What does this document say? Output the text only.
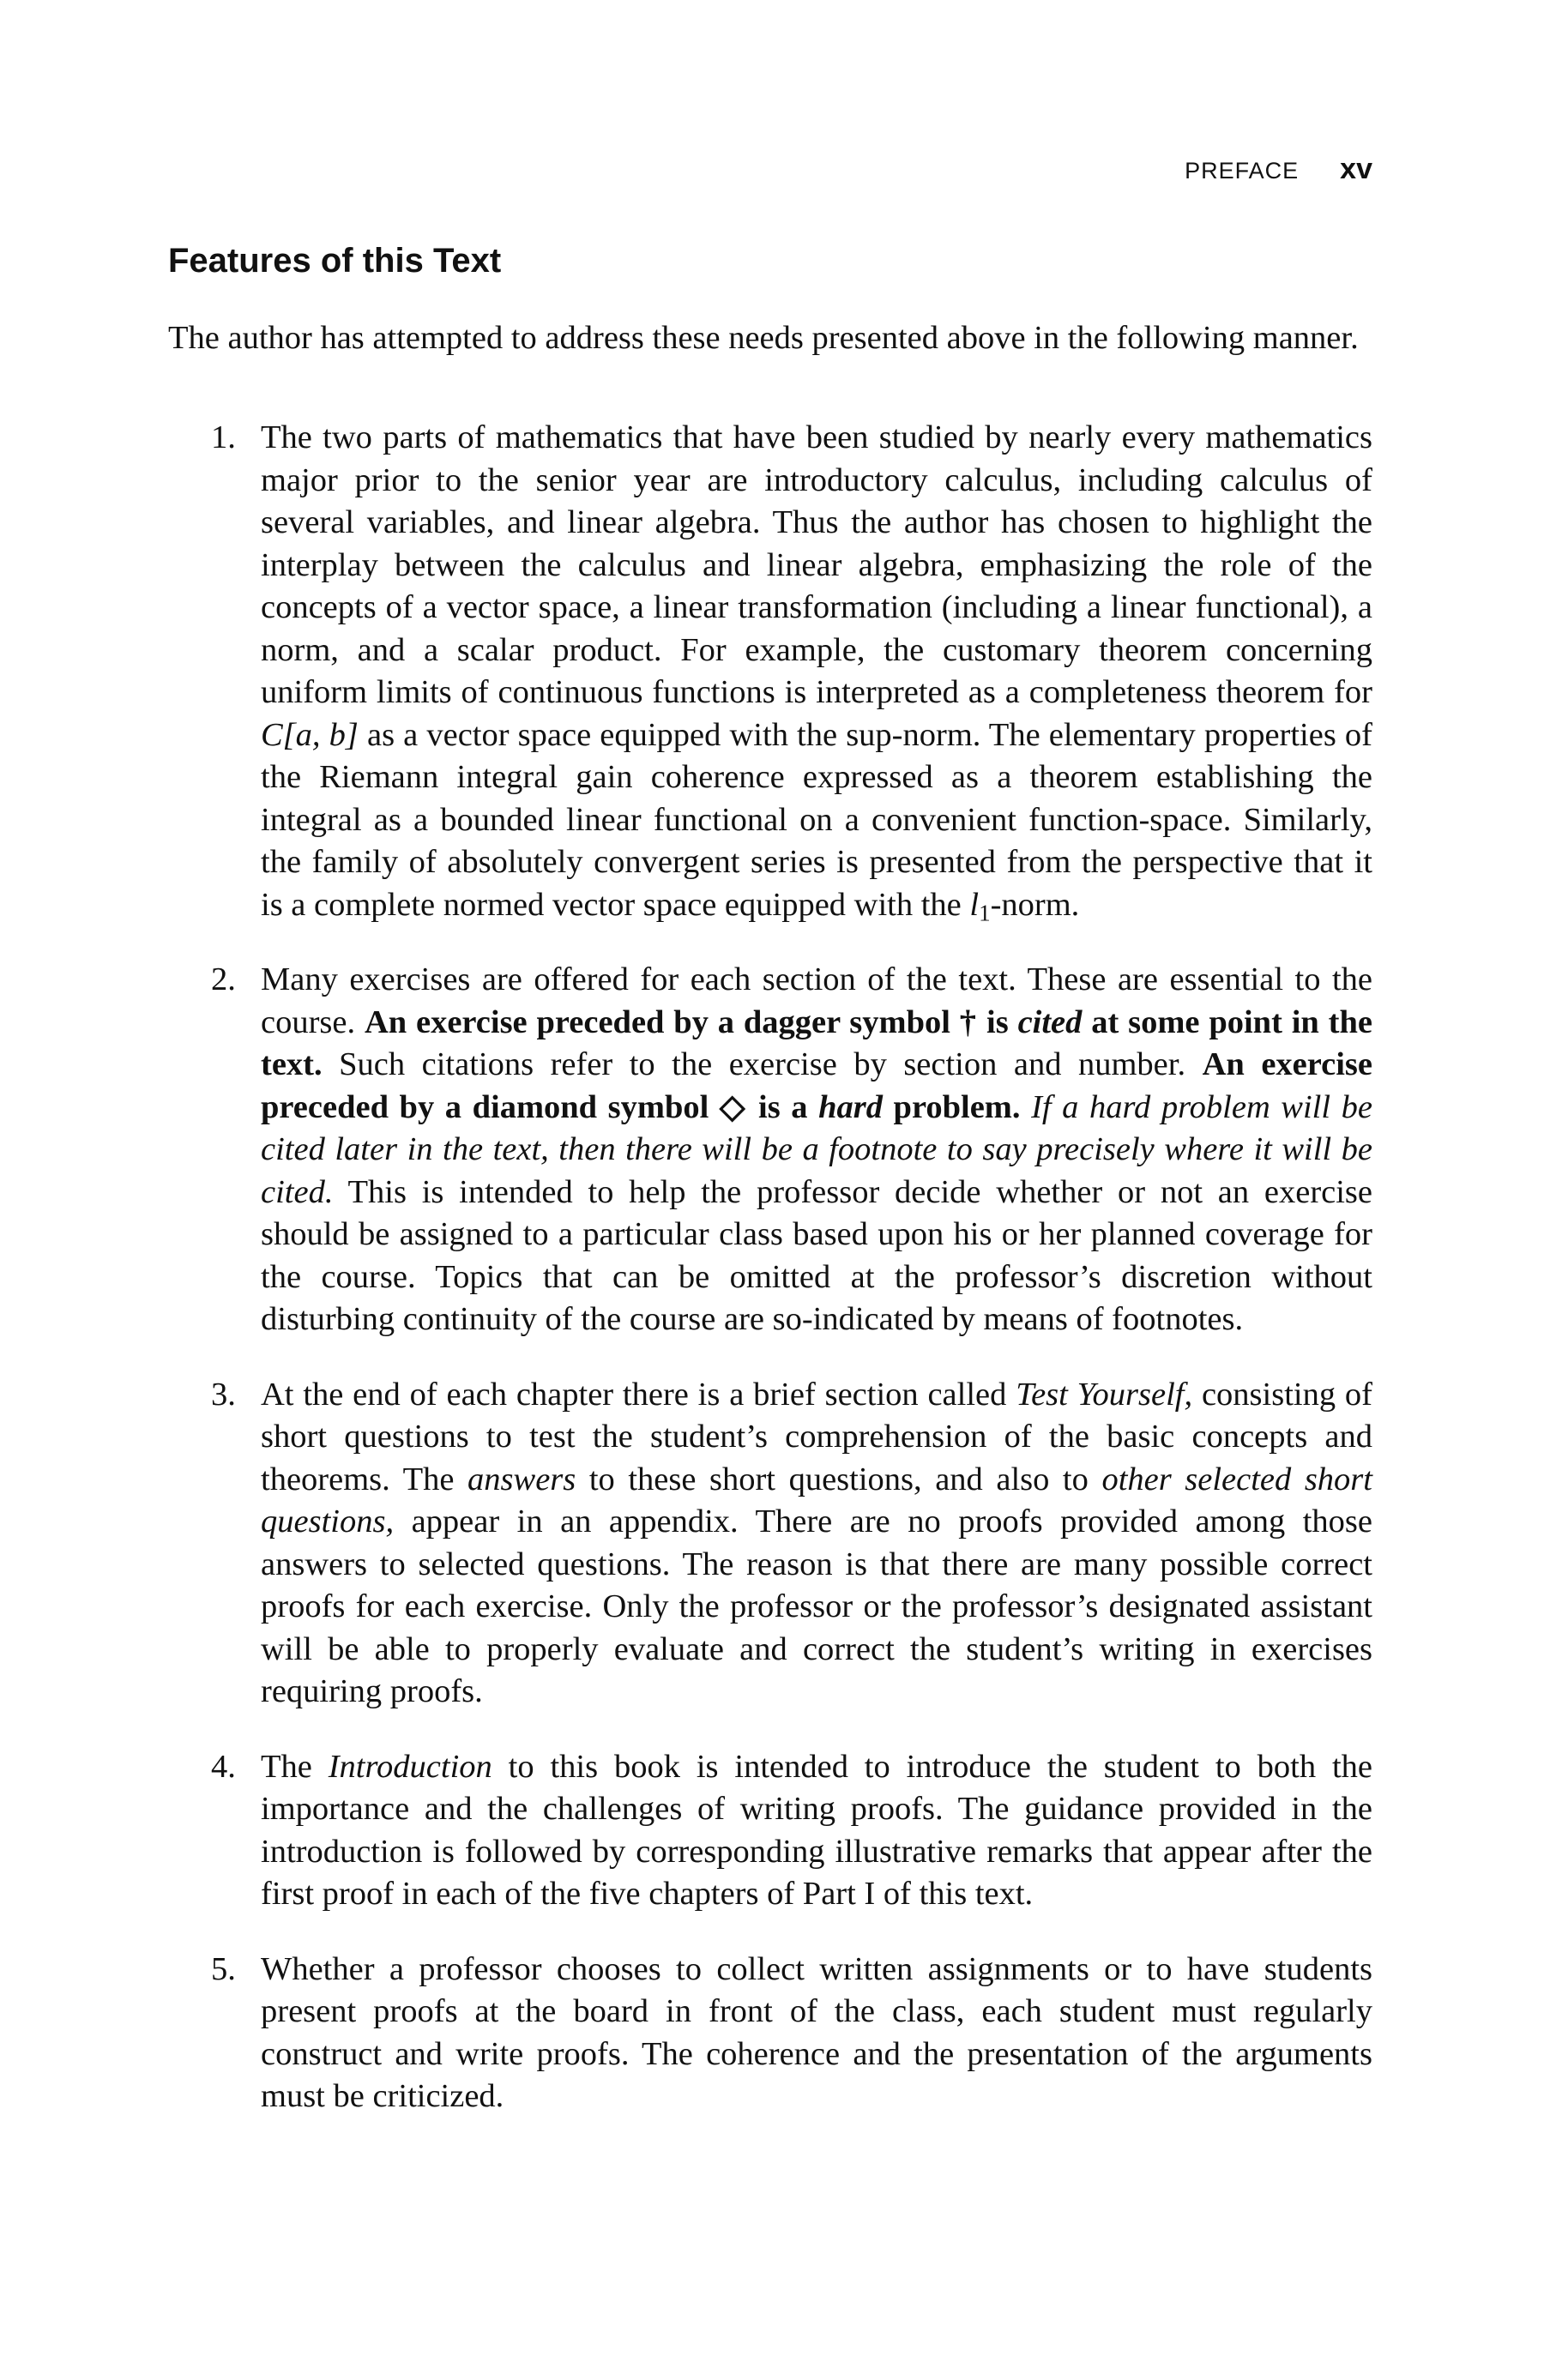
PREFACE xv
Features of this Text

The author has attempted to address these needs presented above in the following manner.

1. The two parts of mathematics that have been studied by nearly every mathematics major prior to the senior year are introductory calculus, including calculus of several variables, and linear algebra. Thus the author has chosen to highlight the interplay between the calculus and linear algebra, emphasizing the role of the concepts of a vector space, a linear transformation (including a linear functional), a norm, and a scalar product. For example, the customary theorem concerning uniform limits of continuous functions is interpreted as a completeness theorem for C[a, b] as a vector space equipped with the sup-norm. The elementary properties of the Riemann integral gain coherence expressed as a theorem establishing the integral as a bounded linear functional on a convenient function-space. Similarly, the family of absolutely convergent series is presented from the perspective that it is a complete normed vector space equipped with the l1-norm.

2. Many exercises are offered for each section of the text. These are essential to the course. An exercise preceded by a dagger symbol † is cited at some point in the text. Such citations refer to the exercise by section and number. An exercise preceded by a diamond symbol ◇ is a hard problem. If a hard problem will be cited later in the text, then there will be a footnote to say precisely where it will be cited. This is intended to help the professor decide whether or not an exercise should be assigned to a particular class based upon his or her planned coverage for the course. Topics that can be omitted at the professor’s discretion without disturbing continuity of the course are so-indicated by means of footnotes.

3. At the end of each chapter there is a brief section called Test Yourself, consisting of short questions to test the student’s comprehension of the basic concepts and theorems. The answers to these short questions, and also to other selected short questions, appear in an appendix. There are no proofs provided among those answers to selected questions. The reason is that there are many possible correct proofs for each exercise. Only the professor or the professor’s designated assistant will be able to properly evaluate and correct the student’s writing in exercises requiring proofs.

4. The Introduction to this book is intended to introduce the student to both the importance and the challenges of writing proofs. The guidance provided in the introduction is followed by corresponding illustrative remarks that appear after the first proof in each of the five chapters of Part I of this text.

5. Whether a professor chooses to collect written assignments or to have students present proofs at the board in front of the class, each student must regularly construct and write proofs. The coherence and the presentation of the arguments must be criticized.
